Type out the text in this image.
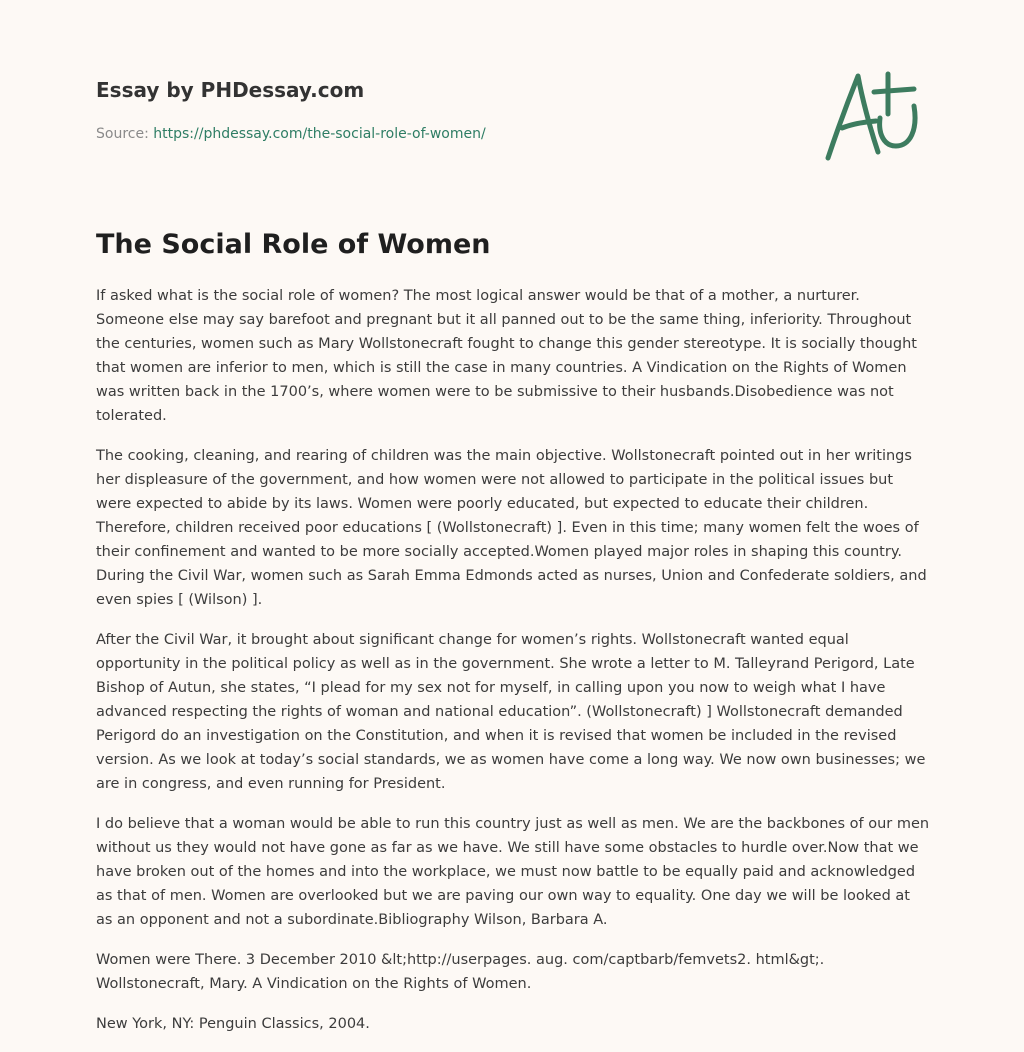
Essay by PHDessay.com
Source: https://phdessay.com/the-social-role-of-women/
The Social Role of Women

If asked what is the social role of women? The most logical answer would be that of a mother, a nurturer. Someone else may say barefoot and pregnant but it all panned out to be the same thing, inferiority. Throughout the centuries, women such as Mary Wollstonecraft fought to change this gender stereotype. It is socially thought that women are inferior to men, which is still the case in many countries. A Vindication on the Rights of Women was written back in the 1700’s, where women were to be submissive to their husbands.Disobedience was not tolerated.

The cooking, cleaning, and rearing of children was the main objective. Wollstonecraft pointed out in her writings her displeasure of the government, and how women were not allowed to participate in the political issues but were expected to abide by its laws. Women were poorly educated, but expected to educate their children. Therefore, children received poor educations [ (Wollstonecraft) ]. Even in this time; many women felt the woes of their confinement and wanted to be more socially accepted.Women played major roles in shaping this country. During the Civil War, women such as Sarah Emma Edmonds acted as nurses, Union and Confederate soldiers, and even spies [ (Wilson) ].

After the Civil War, it brought about significant change for women’s rights. Wollstonecraft wanted equal opportunity in the political policy as well as in the government. She wrote a letter to M. Talleyrand Perigord, Late Bishop of Autun, she states, “I plead for my sex not for myself, in calling upon you now to weigh what I have advanced respecting the rights of woman and national education”. (Wollstonecraft) ] Wollstonecraft demanded Perigord do an investigation on the Constitution, and when it is revised that women be included in the revised version. As we look at today’s social standards, we as women have come a long way. We now own businesses; we are in congress, and even running for President.

I do believe that a woman would be able to run this country just as well as men. We are the backbones of our men without us they would not have gone as far as we have. We still have some obstacles to hurdle over.Now that we have broken out of the homes and into the workplace, we must now battle to be equally paid and acknowledged as that of men. Women are overlooked but we are paving our own way to equality. One day we will be looked at as an opponent and not a subordinate.Bibliography Wilson, Barbara A.

Women were There. 3 December 2010 &lt;http://userpages. aug. com/captbarb/femvets2. html&gt;. Wollstonecraft, Mary. A Vindication on the Rights of Women.

New York, NY: Penguin Classics, 2004.
